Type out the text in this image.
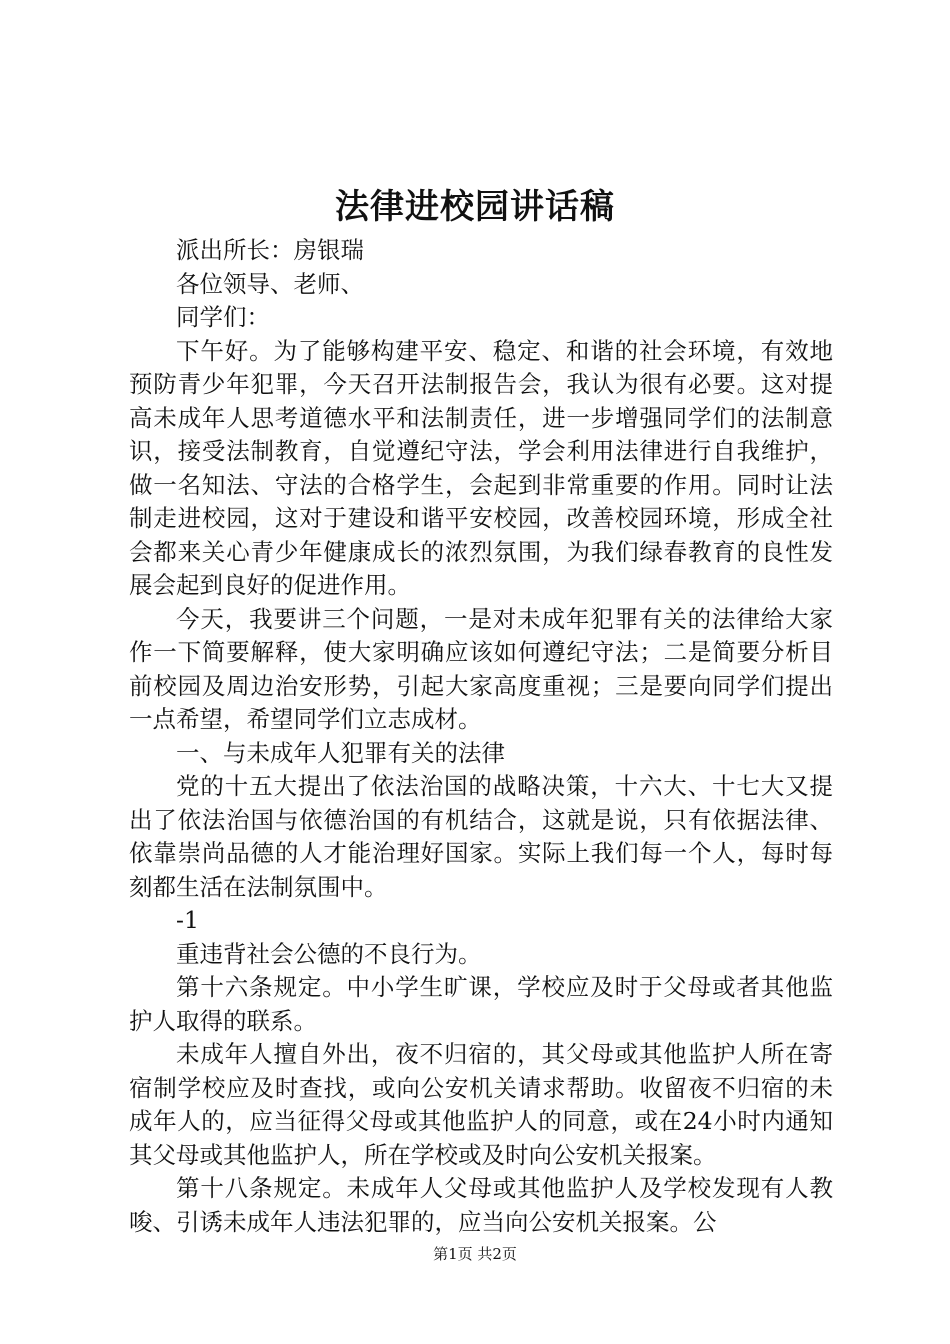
法律进校园讲话稿

派出所长：房银瑞

各位领导、老师、

同学们：

下午好。为了能够构建平安、稳定、和谐的社会环境，有效地预防青少年犯罪，今天召开法制报告会，我认为很有必要。这对提高未成年人思考道德水平和法制责任，进一步增强同学们的法制意识，接受法制教育，自觉遵纪守法，学会利用法律进行自我维护，做一名知法、守法的合格学生，会起到非常重要的作用。同时让法制走进校园，这对于建设和谐平安校园，改善校园环境，形成全社会都来关心青少年健康成长的浓烈氛围，为我们绿春教育的良性发展会起到良好的促进作用。

今天，我要讲三个问题，一是对未成年犯罪有关的法律给大家作一下简要解释，使大家明确应该如何遵纪守法；二是简要分析目前校园及周边治安形势，引起大家高度重视；三是要向同学们提出一点希望，希望同学们立志成材。

一、与未成年人犯罪有关的法律

党的十五大提出了依法治国的战略决策，十六大、十七大又提出了依法治国与依德治国的有机结合，这就是说，只有依据法律、依靠崇尚品德的人才能治理好国家。实际上我们每一个人，每时每刻都生活在法制氛围中。

-1

重违背社会公德的不良行为。

第十六条规定。中小学生旷课，学校应及时于父母或者其他监护人取得的联系。

未成年人擅自外出，夜不归宿的，其父母或其他监护人所在寄宿制学校应及时查找，或向公安机关请求帮助。收留夜不归宿的未成年人的，应当征得父母或其他监护人的同意，或在24小时内通知其父母或其他监护人，所在学校或及时向公安机关报案。

第十八条规定。未成年人父母或其他监护人及学校发现有人教唆、引诱未成年人违法犯罪的，应当向公安机关报案。公

第1页 共2页
